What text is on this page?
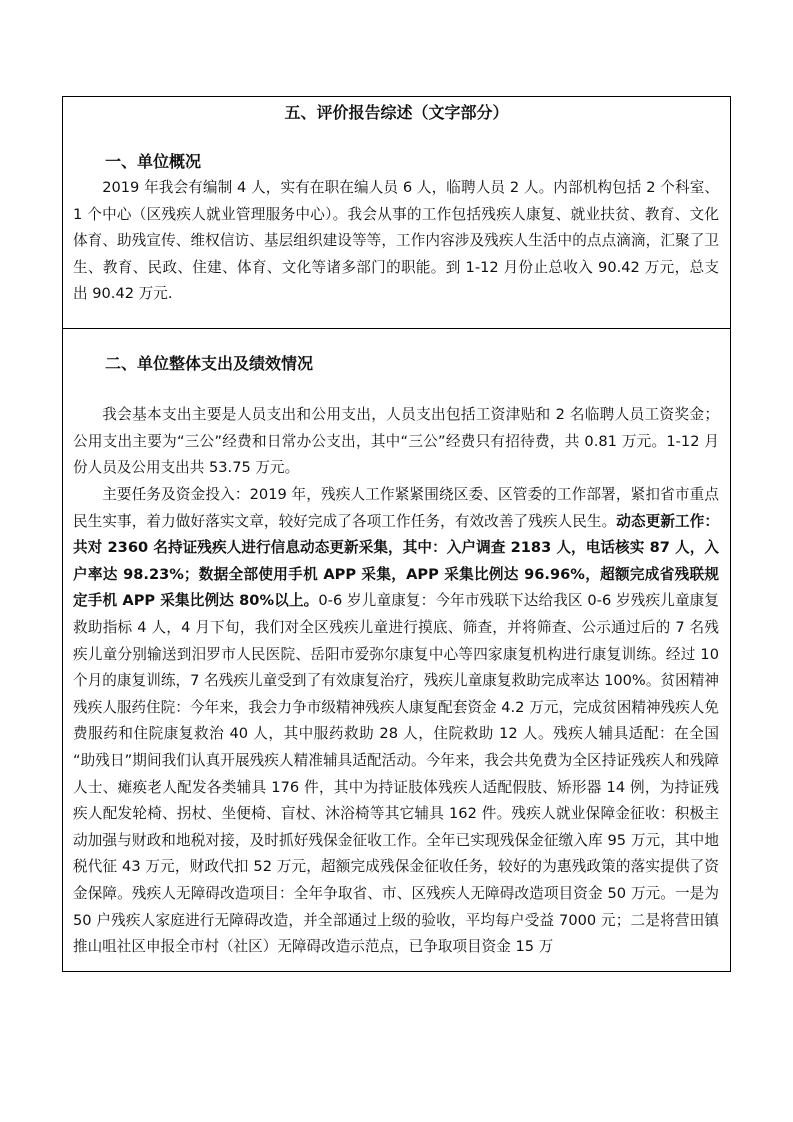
五、评价报告综述（文字部分）
一、单位概况

2019 年我会有编制 4 人，实有在职在编人员 6 人，临聘人员 2 人。内部机构包括 2 个科室、1 个中心（区残疾人就业管理服务中心）。我会从事的工作包括残疾人康复、就业扶贫、教育、文化体育、助残宣传、维权信访、基层组织建设等等，工作内容涉及残疾人生活中的点点滴滴，汇聚了卫生、教育、民政、住建、体育、文化等诸多部门的职能。到 1-12 月份止总收入 90.42 万元，总支出 90.42 万元.

二、单位整体支出及绩效情况

我会基本支出主要是人员支出和公用支出，人员支出包括工资津贴和 2 名临聘人员工资奖金；公用支出主要为“三公”经费和日常办公支出，其中“三公”经费只有招待费，共 0.81 万元。1-12 月份人员及公用支出共 53.75 万元。

主要任务及资金投入：2019 年，残疾人工作紧紧围绕区委、区管委的工作部署，紧扣省市重点民生实事，着力做好落实文章，较好完成了各项工作任务，有效改善了残疾人民生。动态更新工作：共对 2360 名持证残疾人进行信息动态更新采集，其中：入户调查 2183 人，电话核实 87 人，入户率达 98.23%；数据全部使用手机 APP 采集，APP 采集比例达 96.96%，超额完成省残联规定手机 APP 采集比例达 80%以上。0-6 岁儿童康复：今年市残联下达给我区 0-6 岁残疾儿童康复救助指标 4 人，4 月下旬，我们对全区残疾儿童进行摸底、筛查，并将筛查、公示通过后的 7 名残疾儿童分别输送到汨罗市人民医院、岳阳市爱弥尔康复中心等四家康复机构进行康复训练。经过 10 个月的康复训练，7 名残疾儿童受到了有效康复治疗，残疾儿童康复救助完成率达 100%。贫困精神残疾人服药住院：今年来，我会力争市级精神残疾人康复配套资金 4.2 万元，完成贫困精神残疾人免费服药和住院康复救治 40 人，其中服药救助 28 人，住院救助 12 人。残疾人辅具适配：在全国 “助残日”期间我们认真开展残疾人精准辅具适配活动。今年来，我会共免费为全区持证残疾人和残障人士、瘫痪老人配发各类辅具 176 件，其中为持证肢体残疾人适配假肢、矫形器 14 例，为持证残疾人配发轮椅、拐杖、坐便椅、盲杖、沐浴椅等其它辅具 162 件。残疾人就业保障金征收：积极主动加强与财政和地税对接，及时抓好残保金征收工作。全年已实现残保金征缴入库 95 万元，其中地税代征 43 万元，财政代扣 52 万元，超额完成残保金征收任务，较好的为惠残政策的落实提供了资金保障。残疾人无障碍改造项目：全年争取省、市、区残疾人无障碍改造项目资金 50 万元。一是为 50 户残疾人家庭进行无障碍改造，并全部通过上级的验收，平均每户受益 7000 元；二是将营田镇推山咀社区申报全市村（社区）无障碍改造示范点，已争取项目资金 15 万
